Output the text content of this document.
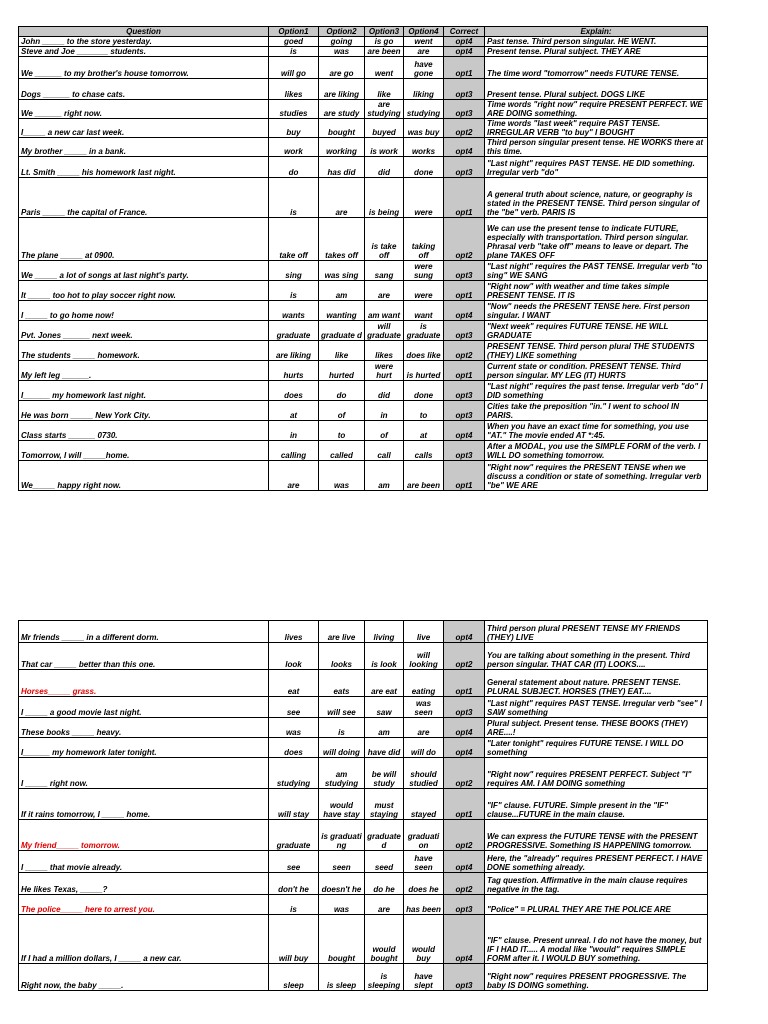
Question	Option1	Option2	Option3	Option4	Correct	Explain:
John _____ to the store yesterday.	goed	going	is go	went	opt4	Past tense. Third person singular. HE WENT.
Steve and Joe _______ students.	is	was	are been	are	opt4	Present tense. Plural subject. THEY ARE
We ______ to my brother's house tomorrow.	will go	are go	went	have gone	opt1	The time word "tomorrow" needs FUTURE TENSE.
Dogs ______ to chase cats.	likes	are liking	like	liking	opt3	Present tense. Plural subject. DOGS LIKE
We ______ right now.	studies	are study	are studying	studying	opt3	Time words "right now" require PRESENT PERFECT. WE ARE DOING something.
I_____ a new car last week.	buy	bought	buyed	was buy	opt2	Time words "last week" require PAST TENSE. IRREGULAR VERB "to buy" I BOUGHT
My brother _____ in a bank.	work	working	is work	works	opt4	Third person singular present tense. HE WORKS there at this time.
Lt. Smith _____ his homework last night.	do	has did	did	done	opt3	"Last night" requires PAST TENSE. HE DID something. Irregular verb "do"
Paris _____ the capital of France.	is	are	is being	were	opt1	A general truth about science, nature, or geography is stated in the PRESENT TENSE. Third person singular of the "be" verb. PARIS IS
The plane _____ at 0900.	take off	takes off	is take off	taking off	opt2	We can use the present tense to indicate FUTURE, especially with transportation. Third person singular. Phrasal verb "take off" means to leave or depart. The plane TAKES OFF
We _____ a lot of songs at last night's party.	sing	was sing	sang	were sung	opt3	"Last night" requires the PAST TENSE. Irregular verb "to sing" WE SANG
It _____ too hot to play soccer right now.	is	am	are	were	opt1	"Right now" with weather and time takes simple PRESENT TENSE. IT IS
I _____ to go home now!	wants	wanting	am want	want	opt4	"Now" needs the PRESENT TENSE here. First person singular. I WANT
Pvt. Jones ______ next week.	graduate	graduate d	will graduate	is graduate	opt3	"Next week" requires FUTURE TENSE. HE WILL GRADUATE
The students _____ homework.	are liking	like	likes	does like	opt2	PRESENT TENSE. Third person plural THE STUDENTS (THEY) LIKE something
My left leg ______.	hurts	hurted	were hurt	is hurted	opt1	Current state or condition. PRESENT TENSE. Third person singular. MY LEG (IT) HURTS
I______ my homework last night.	does	do	did	done	opt3	"Last night" requires the past tense. Irregular verb "do" I DID something
He was born _____ New York City.	at	of	in	to	opt3	Cities take the preposition "in." I went to school IN PARIS.
Class starts ______ 0730.	in	to	of	at	opt4	When you have an exact time for something, you use "AT." The movie ended AT *:45.
Tomorrow, I will _____home.	calling	called	call	calls	opt3	After a MODAL, you use the SIMPLE FORM of the verb. I WILL DO something tomorrow.
We_____ happy right now.	are	was	am	are been	opt1	"Right now" requires the PRESENT TENSE when we discuss a condition or state of something. Irregular verb "be" WE ARE
Mr friends _____ in a different dorm.	lives	are live	living	live	opt4	Third person plural PRESENT TENSE MY FRIENDS (THEY) LIVE
That car _____ better than this one.	look	looks	is look	will looking	opt2	You are talking about something in the present. Third person singular. THAT CAR (IT) LOOKS....
Horses_____ grass.	eat	eats	are eat	eating	opt1	General statement about nature. PRESENT TENSE. PLURAL SUBJECT. HORSES (THEY) EAT....
I _____ a good movie last night.	see	will see	saw	was seen	opt3	"Last night" requires PAST TENSE. Irregular verb "see" I SAW something
These books _____ heavy.	was	is	am	are	opt4	Plural subject. Present tense. THESE BOOKS (THEY) ARE....!
I______ my homework later tonight.	does	will doing	have did	will do	opt4	"Later tonight" requires FUTURE TENSE. I WILL DO something
I _____ right now.	studying	am studying	be will study	should studied	opt2	"Right now" requires PRESENT PERFECT. Subject "I" requires AM. I AM DOING something
If it rains tomorrow, I _____ home.	will stay	would have stay	must staying	stayed	opt1	"IF" clause. FUTURE. Simple present in the "IF" clause...FUTURE in the main clause.
My friend_____ tomorrow.	graduate	is graduati ng	graduate d	graduati on	opt2	We can express the FUTURE TENSE with the PRESENT PROGRESSIVE. Something IS HAPPENING tomorrow.
I _____ that movie already.	see	seen	seed	have seen	opt4	Here, the "already" requires PRESENT PERFECT. I HAVE DONE something already.
He likes Texas, _____?	don't he	doesn't he	do he	does he	opt2	Tag question. Affirmative in the main clause requires negative in the tag.
The police_____ here to arrest you.	is	was	are	has been	opt3	"Police" = PLURAL THEY ARE THE POLICE ARE
If I had a million dollars, I _____ a new car.	will buy	bought	would bought	would buy	opt4	"IF" clause. Present unreal. I do not have the money, but IF I HAD IT..... A modal like "would" requires SIMPLE FORM after it. I WOULD BUY something.
Right now, the baby _____.	sleep	is sleep	is sleeping	have slept	opt3	"Right now" requires PRESENT PROGRESSIVE. The baby IS DOING something.
